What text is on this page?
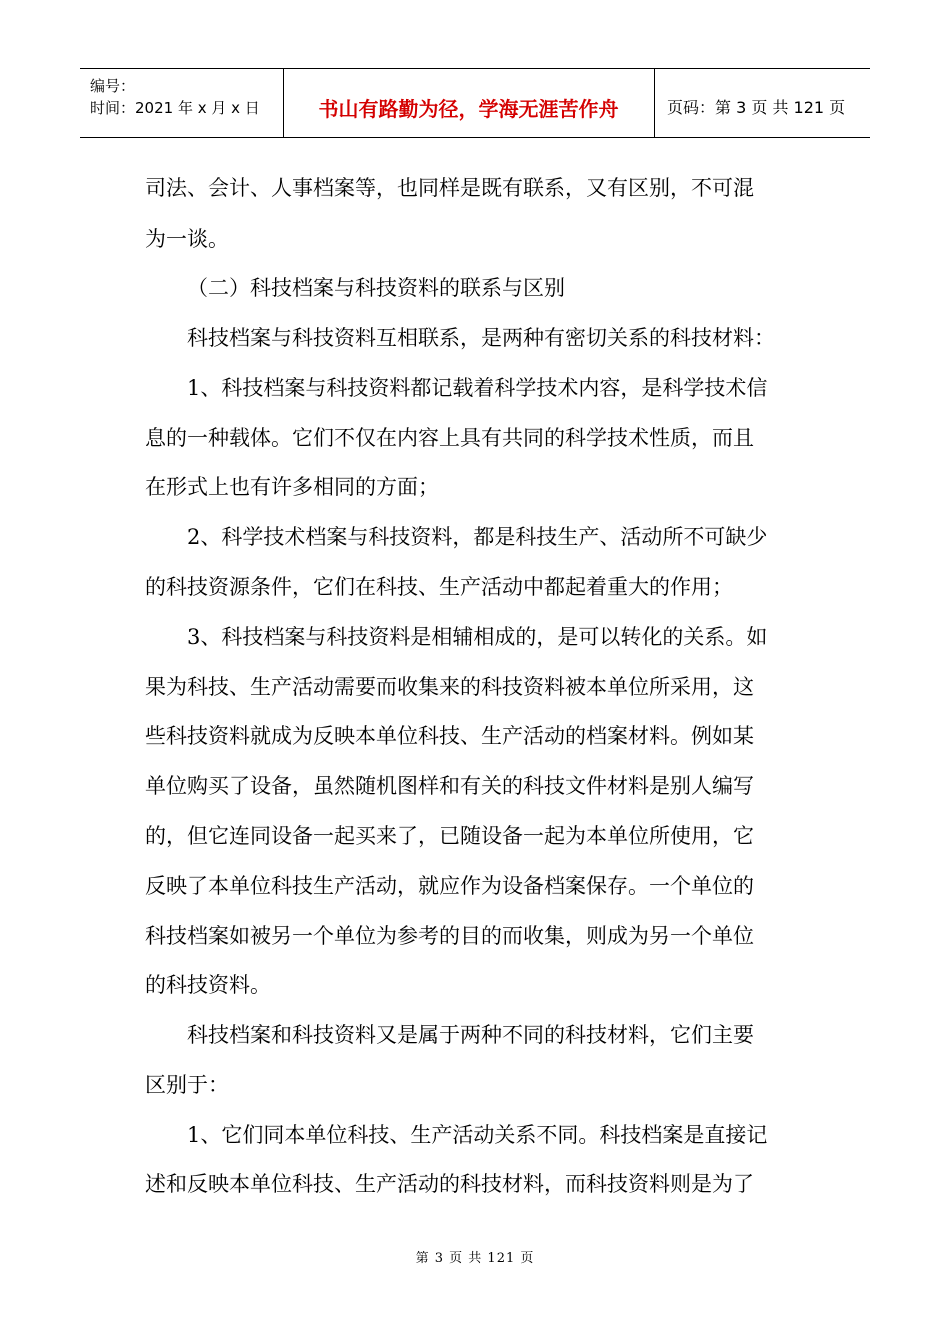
编号：
时间：2021 年 x 月 x 日	书山有路勤为径，学海无涯苦作舟	页码：第 3 页 共 121 页
司法、会计、人事档案等，也同样是既有联系，又有区别，不可混
为一谈。
（二）科技档案与科技资料的联系与区别
科技档案与科技资料互相联系，是两种有密切关系的科技材料：
1、科技档案与科技资料都记载着科学技术内容，是科学技术信
息的一种载体。它们不仅在内容上具有共同的科学技术性质，而且
在形式上也有许多相同的方面；
2、科学技术档案与科技资料，都是科技生产、活动所不可缺少
的科技资源条件，它们在科技、生产活动中都起着重大的作用；
3、科技档案与科技资料是相辅相成的，是可以转化的关系。如
果为科技、生产活动需要而收集来的科技资料被本单位所采用，这
些科技资料就成为反映本单位科技、生产活动的档案材料。例如某
单位购买了设备，虽然随机图样和有关的科技文件材料是别人编写
的，但它连同设备一起买来了，已随设备一起为本单位所使用，它
反映了本单位科技生产活动，就应作为设备档案保存。一个单位的
科技档案如被另一个单位为参考的目的而收集，则成为另一个单位
的科技资料。
科技档案和科技资料又是属于两种不同的科技材料，它们主要
区别于：
1、它们同本单位科技、生产活动关系不同。科技档案是直接记
述和反映本单位科技、生产活动的科技材料，而科技资料则是为了
第 3 页 共 121 页
